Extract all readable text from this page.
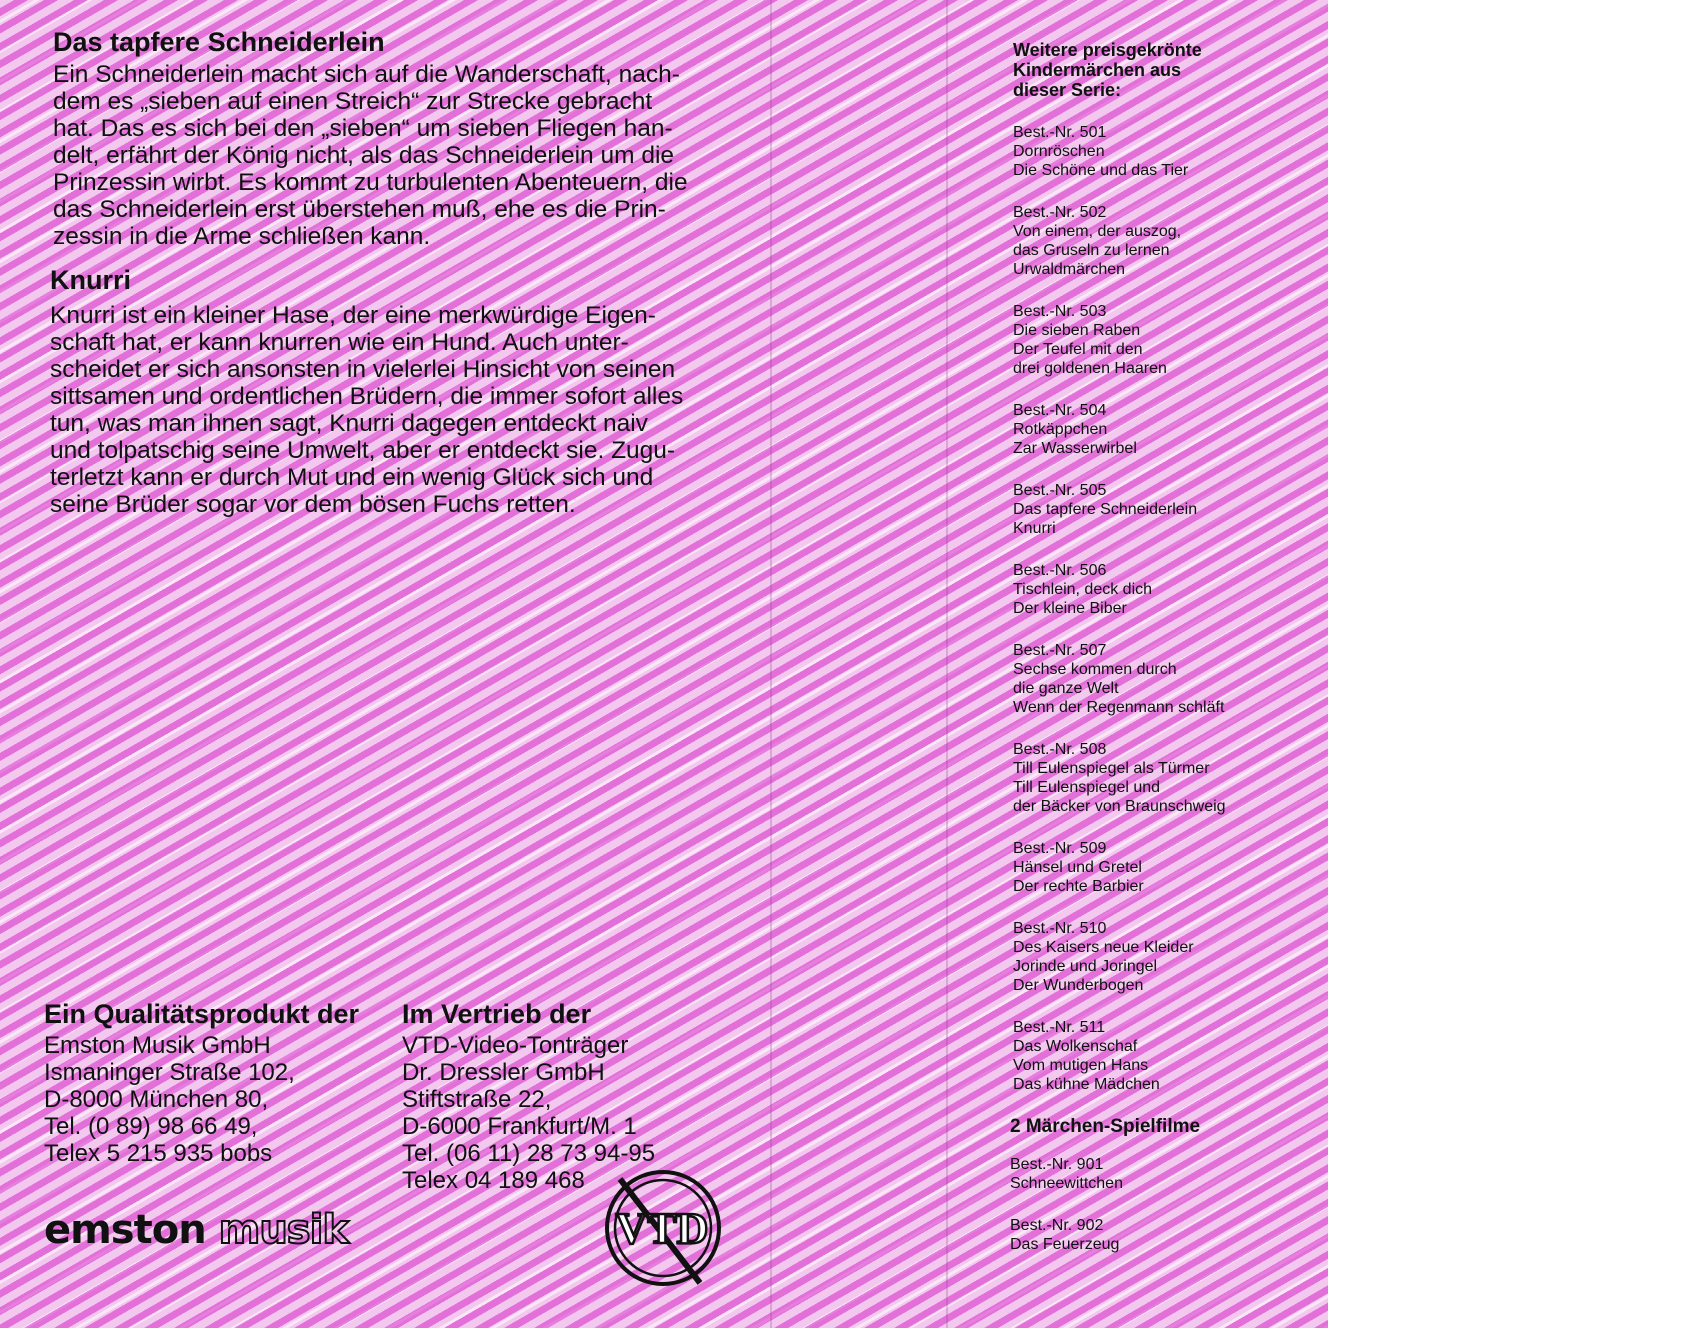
Das tapfere Schneiderlein

Ein Schneiderlein macht sich auf die Wanderschaft, nach-

dem es „sieben auf einen Streich“ zur Strecke gebracht

hat. Das es sich bei den „sieben“ um sieben Fliegen han-

delt, erfährt der König nicht, als das Schneiderlein um die

Prinzessin wirbt. Es kommt zu turbulenten Abenteuern, die

das Schneiderlein erst überstehen muß, ehe es die Prin-

zessin in die Arme schließen kann.

Knurri

Knurri ist ein kleiner Hase, der eine merkwürdige Eigen-

schaft hat, er kann knurren wie ein Hund. Auch unter-

scheidet er sich ansonsten in vielerlei Hinsicht von seinen

sittsamen und ordentlichen Brüdern, die immer sofort alles

tun, was man ihnen sagt, Knurri dagegen entdeckt naiv

und tolpatschig seine Umwelt, aber er entdeckt sie. Zugu-

terletzt kann er durch Mut und ein wenig Glück sich und

seine Brüder sogar vor dem bösen Fuchs retten.

Ein Qualitätsprodukt der
Emston Musik GmbH
Ismaninger Straße 102,
D-8000 München 80,
Tel. (0 89) 98 66 49,
Telex 5 215 935 bobs
Im Vertrieb der
VTD-Video-Tonträger
Dr. Dressler GmbH
Stiftstraße 22,
D-6000 Frankfurt/M. 1
Tel. (06 11) 28 73 94-95
Telex 04 189 468
emston musik	VTD
Weitere preisgekrönte
Kindermärchen aus
dieser Serie:
Best.-Nr. 501
Dornröschen
Die Schöne und das Tier
Best.-Nr. 502
Von einem, der auszog,
das Gruseln zu lernen
Urwaldmärchen
Best.-Nr. 503
Die sieben Raben
Der Teufel mit den
drei goldenen Haaren
Best.-Nr. 504
Rotkäppchen
Zar Wasserwirbel
Best.-Nr. 505
Das tapfere Schneiderlein
Knurri
Best.-Nr. 506
Tischlein, deck dich
Der kleine Biber
Best.-Nr. 507
Sechse kommen durch
die ganze Welt
Wenn der Regenmann schläft
Best.-Nr. 508
Till Eulenspiegel als Türmer
Till Eulenspiegel und
der Bäcker von Braunschweig
Best.-Nr. 509
Hänsel und Gretel
Der rechte Barbier
Best.-Nr. 510
Des Kaisers neue Kleider
Jorinde und Joringel
Der Wunderbogen
Best.-Nr. 511
Das Wolkenschaf
Vom mutigen Hans
Das kühne Mädchen
2 Märchen-Spielfilme
Best.-Nr. 901
Schneewittchen
Best.-Nr. 902
Das Feuerzeug
